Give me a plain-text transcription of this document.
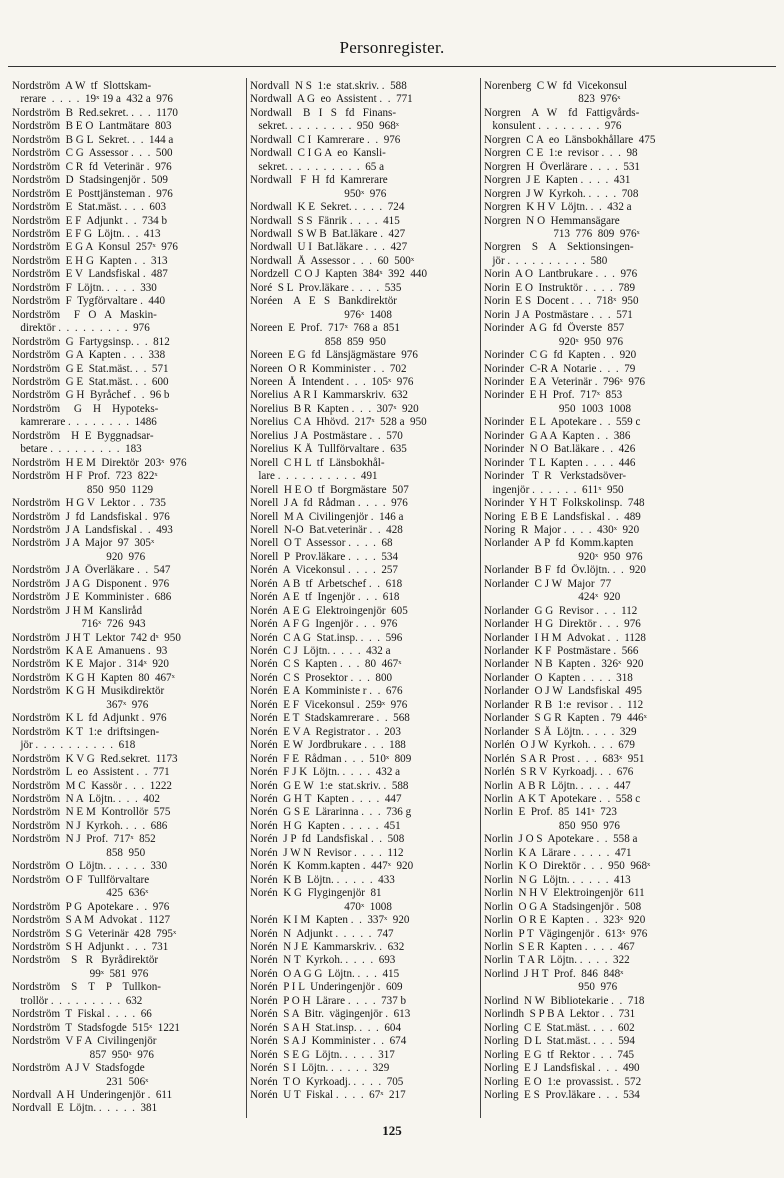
Personregister.
Nordström  A W  tf  Slottskam-
rerare  .  .  .  .  19ˣ 19 a  432 a  976
Nordström  B  Red.sekret. .  .  .  1170
Nordström  B E O  Lantmätare  803
Nordström  B G L  Sekret. .  .  144 a
Nordström  C G  Assessor .  .  .  500
Nordström  C R  fd  Veterinär .  976
Nordström  D  Stadsingenjör .  509
Nordström  E  Posttjänsteman .  976
Nordström  E  Stat.mäst. .  .  .  603
Nordström  E F  Adjunkt .  .  734 b
Nordström  E F G  Löjtn. .  .  413
Nordström  E G A  Konsul  257ˣ  976
Nordström  E H G  Kapten .  .  313
Nordström  E V  Landsfiskal .  487
Nordström  F  Löjtn. .  .  .  .  330
Nordström  F  Tygförvaltare .  440
Nordström     F   O   A   Maskin-
direktör .  .  .  .  .  .  .  .  .  976
Nordström  G  Fartygsinsp. .  .  812
Nordström  G A  Kapten .  .  .  338
Nordström  G E  Stat.mäst. .  .  571
Nordström  G E  Stat.mäst. .  .  600
Nordström  G H  Byråchef .  .  96 b
Nordström     G    H    Hypoteks-
kamrerare .  .  .  .  .  .  .  .  1486
Nordström    H  E  Byggnadsar-
betare .  .  .  .  .  .  .  .  .  183
Nordström  H E M  Direktör  203ˣ  976
Nordström  H F  Prof.  723  822ˣ
850  950  1129
Nordström  H G V  Lektor .  .  735
Nordström  J  fd  Landsfiskal .  976
Nordström  J A  Landsfiskal .  .  493
Nordström  J A  Major  97  305ˣ
920  976
Nordström  J A  Överläkare .  .  547
Nordström  J A G  Disponent .  976
Nordström  J E  Komminister .  686
Nordström  J H M  Kansliråd
716ˣ  726  943
Nordström  J H T  Lektor  742 dˣ  950
Nordström  K A E  Amanuens .  93
Nordström  K E  Major .  314ˣ  920
Nordström  K G H  Kapten  80  467ˣ
Nordström  K G H  Musikdirektör
367ˣ  976
Nordström  K L  fd  Adjunkt .  976
Nordström  K T  1:e  driftsingen-
jör .  .  .  .  .  .  .  .  .  .  618
Nordström  K V G  Red.sekret.  1173
Nordström  L  eo  Assistent .  .  771
Nordström  M C  Kassör .  .  .  1222
Nordström  N A  Löjtn. .  .  .  402
Nordström  N E M  Kontrollör  575
Nordström  N J  Kyrkoh. .  .  .  686
Nordström  N J  Prof.  717ˣ  852
858  950
Nordström  O  Löjtn. .  .  .  .  .  330
Nordström  O F  Tullförvaltare
425  636ˣ
Nordström  P G  Apotekare .  .  976
Nordström  S A M  Advokat .  1127
Nordström  S G  Veterinär  428  795ˣ
Nordström  S H  Adjunkt .  .  .  731
Nordström    S   R   Byrådirektör
99ˣ  581  976
Nordström    S    T    P    Tullkon-
trollör .  .  .  .  .  .  .  .  .  632
Nordström  T  Fiskal .  .  .  .  66
Nordström  T  Stadsfogde  515ˣ  1221
Nordström  V F A  Civilingenjör
857  950ˣ  976
Nordström  A J V  Stadsfogde
231  506ˣ
Nordvall  A H  Underingenjör .  611
Nordvall  E  Löjtn. .  .  .  .  .  381
Nordvall  N S  1:e  stat.skriv. .  588
Nordwall  A G  eo  Assistent .  .  771
Nordwall    B   I   S   fd   Finans-
sekret. .  .  .  .  .  .  .  .  950  968ˣ
Nordwall  C I  Kamrerare .  .  976
Nordwall  C I G A  eo  Kansli-
sekret. .  .  .  .  .  .  .  .  .  65 a
Nordwall   F  H  fd  Kamrerare
950ˣ  976
Nordwall  K E  Sekret. .  .  .  .  724
Nordwall  S S  Fänrik .  .  .  .  415
Nordwall  S W B  Bat.läkare .  427
Nordwall  U I  Bat.läkare .  .  .  427
Nordwall  Å  Assessor .  .  .  60  500ˣ
Nordzell  C O J  Kapten  384ˣ  392  440
Noré  S L  Prov.läkare .  .  .  .  535
Noréen    A   E   S   Bankdirektör
976ˣ  1408
Noreen  E  Prof.  717ˣ  768 a  851
858  859  950
Noreen  E G  fd  Länsjägmästare  976
Noreen  O R  Komminister .  .  702
Noreen  Å  Intendent .  .  .  105ˣ  976
Norelius  A R I  Kammarskriv.  632
Norelius  B R  Kapten .  .  .  307ˣ  920
Norelius  C A  Hhövd.  217ˣ  528 a  950
Norelius  J A  Postmästare .  .  570
Norelius  K Å  Tullförvaltare .  635
Norell  C H L  tf  Länsbokhål-
lare .  .  .  .  .  .  .  .  .  .  491
Norell  H E O  tf  Borgmästare  507
Norell  J A  fd  Rådman .  .  .  .  976
Norell  M A  Civilingenjör .  146 a
Norell  N-O  Bat.veterinär .  .  428
Norell  O T  Assessor .  .  .  .  68
Norell  P  Prov.läkare .  .  .  .  534
Norén  A  Vicekonsul .  .  .  .  257
Norén  A B  tf  Arbetschef .  .  618
Norén  A E  tf  Ingenjör .  .  .  618
Norén  A E G  Elektroingenjör  605
Norén  A F G  Ingenjör .  .  .  976
Norén  C A G  Stat.insp. .  .  .  596
Norén  C J  Löjtn. .  .  .  .  432 a
Norén  C S  Kapten .  .  .  80  467ˣ
Norén  C S  Prosektor .  .  .  800
Norén  E A  Komministe r .  .  676
Norén  E F  Vicekonsul .  259ˣ  976
Norén  E T  Stadskamrerare .  .  568
Norén  E V A  Registrator .  .  203
Norén  E W  Jordbrukare .  .  .  188
Norén  F E  Rådman .  .  .  510ˣ  809
Norén  F J K  Löjtn. .  .  .  .  432 a
Norén  G E W  1:e  stat.skriv. .  588
Norén  G H T  Kapten .  .  .  .  447
Norén  G S E  Lärarinna .  .  .  736 g
Norén  H G  Kapten .  .  .  .  .  451
Norén  J P  fd  Landsfiskal .  .  508
Norén  J W N  Revisor .  .  .  .  112
Norén  K  Komm.kapten .  447ˣ  920
Norén  K B  Löjtn. .  .  .  .  .  433
Norén  K G  Flygingenjör  81
470ˣ  1008
Norén  K I M  Kapten .  .  337ˣ  920
Norén  N  Adjunkt .  .  .  .  .  747
Norén  N J E  Kammarskriv. .  632
Norén  N T  Kyrkoh. .  .  .  .  693
Norén  O A G G  Löjtn. .  .  .  415
Norén  P I L  Underingenjör .  609
Norén  P O H  Lärare .  .  .  .  737 b
Norén  S A  Bitr.  vägingenjör .  613
Norén  S A H  Stat.insp. .  .  .  604
Norén  S A J  Komminister .  .  674
Norén  S E G  Löjtn. .  .  .  .  317
Norén  S I  Löjtn. .  .  .  .  .  329
Norén  T O  Kyrkoadj. .  .  .  .  705
Norén  U T  Fiskal .  .  .  .  67ˣ  217
Norenberg  C W  fd  Vicekonsul
823  976ˣ
Norgren    A   W    fd   Fattigvårds-
konsulent .  .  .  .  .  .  .  .  976
Norgren  C A  eo  Länsbokhållare  475
Norgren  C E  1:e  revisor .  .  .  98
Norgren  H  Överlärare .  .  .  .  531
Norgren  J E  Kapten .  .  .  .  431
Norgren  J W  Kyrkoh. .  .  .  .  708
Norgren  K H V  Löjtn. .  .  432 a
Norgren  N O  Hemmansägare
713  776  809  976ˣ
Norgren    S    A    Sektionsingen-
jör .  .  .  .  .  .  .  .  .  .  580
Norin  A O  Lantbrukare .  .  .  976
Norin  E O  Instruktör .  .  .  .  789
Norin  E S  Docent .  .  .  718ˣ  950
Norin  J A  Postmästare .  .  .  571
Norinder  A G  fd  Överste  857
920ˣ  950  976
Norinder  C G  fd  Kapten .  .  920
Norinder  C-R A  Notarie .  .  .  79
Norinder  E A  Veterinär .  796ˣ  976
Norinder  E H  Prof.  717ˣ  853
950  1003  1008
Norinder  E L  Apotekare .  .  559 c
Norinder  G A A  Kapten .  .  386
Norinder  N O  Bat.läkare .  .  426
Norinder  T L  Kapten .  .  .  .  446
Norinder   T  R   Verkstadsöver-
ingenjör .  .  .  .  .  .  611ˣ  950
Norinder  Y H T  Folkskolinsp.  748
Noring  E B E  Landsfiskal .  .  489
Noring  R  Major .  .  .  .  430ˣ  920
Norlander  A P  fd  Komm.kapten
920ˣ  950  976
Norlander  B F  fd  Öv.löjtn. .  .  920
Norlander  C J W  Major  77
424ˣ  920
Norlander  G G  Revisor .  .  .  112
Norlander  H G  Direktör .  .  .  976
Norlander  I H M  Advokat .  .  1128
Norlander  K F  Postmästare .  566
Norlander  N B  Kapten .  326ˣ  920
Norlander  O  Kapten .  .  .  .  318
Norlander  O J W  Landsfiskal  495
Norlander  R B  1:e  revisor .  .  112
Norlander  S G R  Kapten .  79  446ˣ
Norlander  S Å  Löjtn. .  .  .  .  329
Norlén  O J W  Kyrkoh. .  .  .  679
Norlén  S A R  Prost .  .  .  683ˣ  951
Norlén  S R V  Kyrkoadj. .  .  676
Norlin  A B R  Löjtn. .  .  .  .  447
Norlin  A K T  Apotekare .  .  558 c
Norlin  E  Prof.  85  141ˣ  723
850  950  976
Norlin  J O S  Apotekare .  .  558 a
Norlin  K A  Lärare .  .  .  .  .  471
Norlin  K O  Direktör .  .  .  950  968ˣ
Norlin  N G  Löjtn. .  .  .  .  .  413
Norlin  N H V  Elektroingenjör  611
Norlin  O G A  Stadsingenjör .  508
Norlin  O R E  Kapten .  .  323ˣ  920
Norlin  P T  Vägingenjör .  613ˣ  976
Norlin  S E R  Kapten .  .  .  .  467
Norlin  T A R  Löjtn. .  .  .  .  322
Norlind  J H T  Prof.  846  848ˣ
950  976
Norlind  N W  Bibliotekarie .  .  718
Norlindh  S P B A  Lektor .  .  731
Norling  C E  Stat.mäst. .  .  .  602
Norling  D L  Stat.mäst. .  .  .  594
Norling  E G  tf  Rektor .  .  .  745
Norling  E J  Landsfiskal .  .  .  490
Norling  E O  1:e  provassist. .  572
Norling  E S  Prov.läkare .  .  .  534
125
